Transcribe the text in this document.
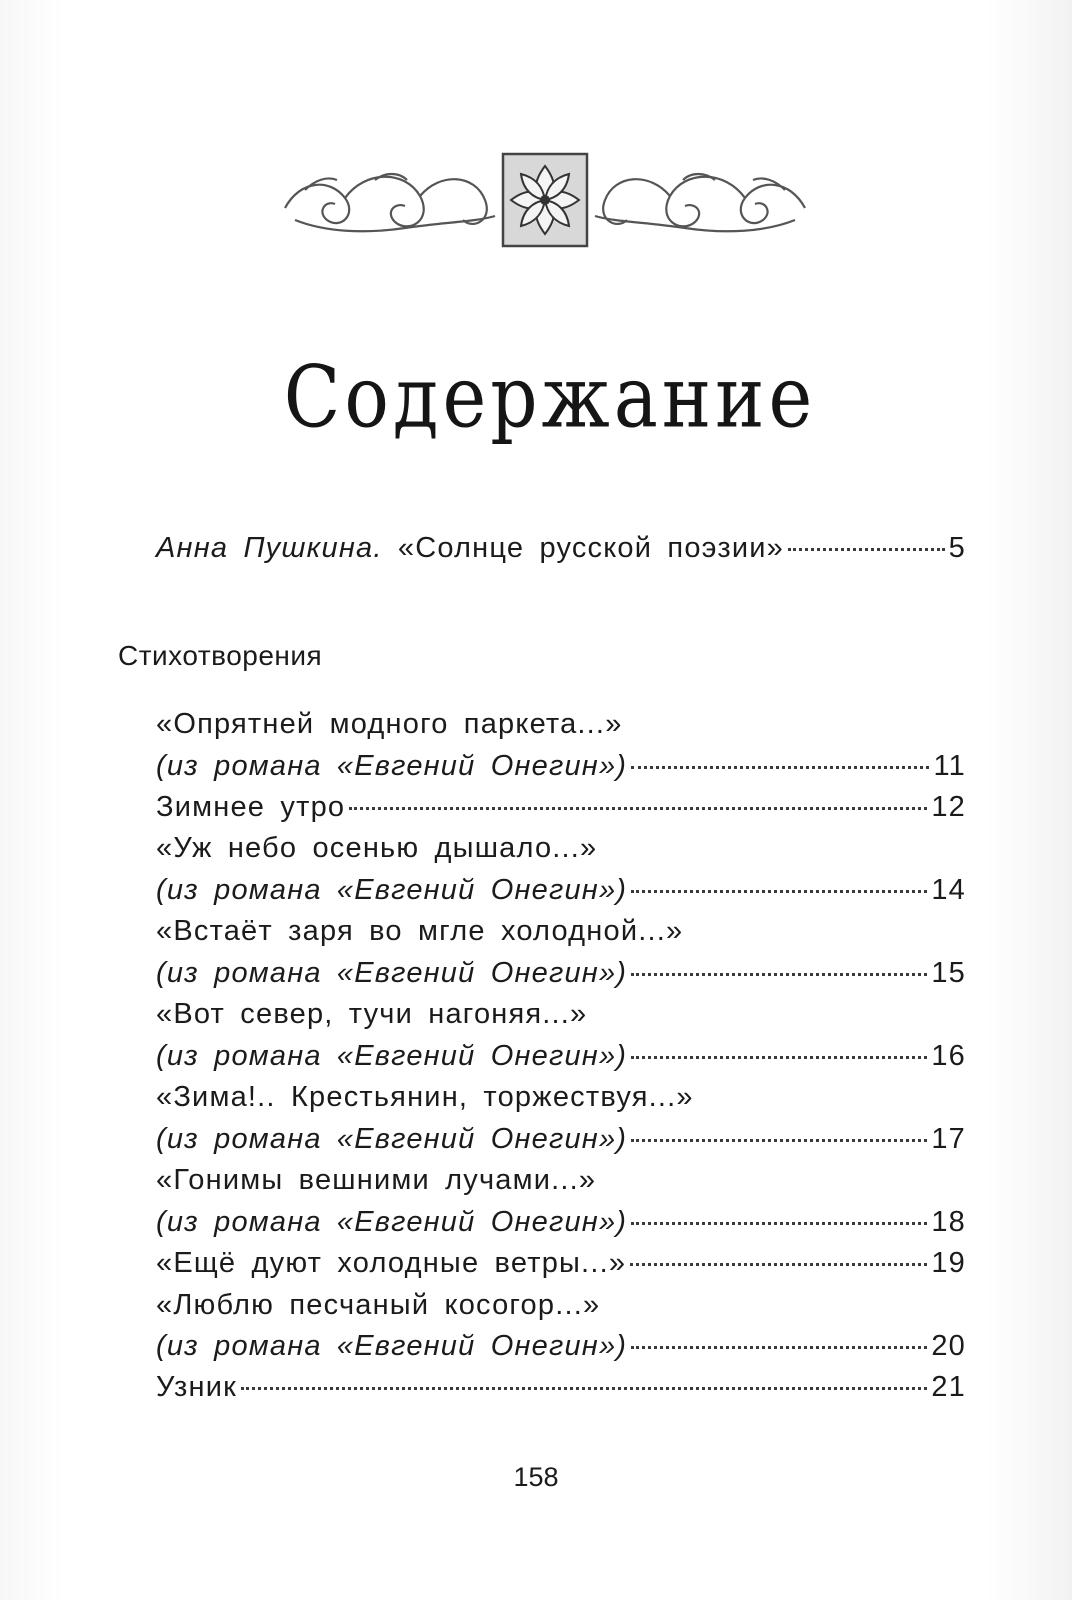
Содержание
Анна Пушкина. «Солнце русской поэзии»	5
Стихотворения
«Опрятней модного паркета...»
(из романа «Евгений Онегин»)	11
Зимнее утро	12
«Уж небо осенью дышало...»
(из романа «Евгений Онегин»)	14
«Встаёт заря во мгле холодной...»
(из романа «Евгений Онегин»)	15
«Вот север, тучи нагоняя...»
(из романа «Евгений Онегин»)	16
«Зима!.. Крестьянин, торжествуя...»
(из романа «Евгений Онегин»)	17
«Гонимы вешними лучами...»
(из романа «Евгений Онегин»)	18
«Ещё дуют холодные ветры...»	19
«Люблю песчаный косогор...»
(из романа «Евгений Онегин»)	20
Узник	21
158
